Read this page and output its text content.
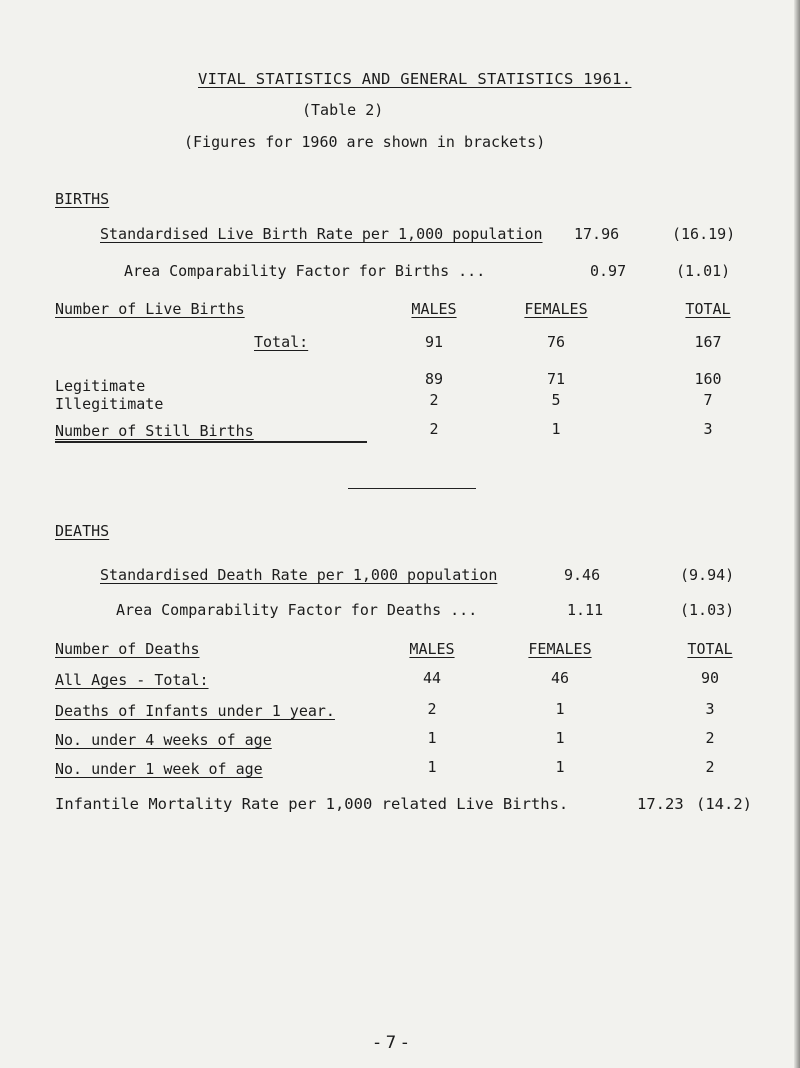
VITAL STATISTICS AND GENERAL STATISTICS 1961.
(Table 2)
(Figures for 1960 are shown in brackets)
BIRTHS
Standardised Live Birth Rate per 1,000 population 17.96	(16.19)
Area Comparability Factor for Births ...	0.97	(1.01)
Number of Live Births	MALES	FEMALES	TOTAL
Total:	91	76	167
Legitimate	89	71	160
Illegitimate	2	5	7
Number of Still Births	2	1	3
DEATHS
Standardised Death Rate per 1,000 population	9.46	(9.94)
Area Comparability Factor for Deaths ...	1.11	(1.03)
Number of Deaths	MALES	FEMALES	TOTAL
All Ages - Total:	44	46	90
Deaths of Infants under 1 year.	2	1	3
No. under 4 weeks of age	1	1	2
No. under 1 week of age	1	1	2
Infantile Mortality Rate per 1,000 related Live Births.	17.23 (14.2)
- 7 -
